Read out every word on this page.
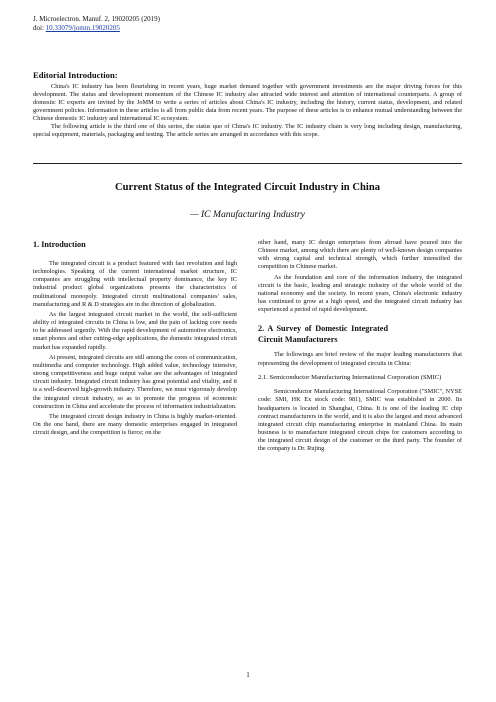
J. Microelectron. Manuf. 2, 19020205 (2019)
doi: 10.33079/jomm.19020205
Editorial Introduction:

China's IC industry has been flourishing in recent years, huge market demand together with government investments are the major driving forces for this development. The status and development momentum of the Chinese IC industry also attracted wide interest and attention of international counterparts. A group of domestic IC experts are invited by the JoMM to write a series of articles about China's IC industry, including the history, current status, development, and related government policies. Information in these articles is all from public data from recent years. The purpose of these articles is to enhance mutual understanding between the Chinese domestic IC industry and international IC ecosystem.

The following article is the third one of this series, the status quo of China's IC industry. The IC industry chain is very long including design, manufacturing, special equipment, materials, packaging and testing. The article series are arranged in accordance with this scope.

Current Status of the Integrated Circuit Industry in China
— IC Manufacturing Industry

1. Introduction

The integrated circuit is a product featured with fast revolution and high technologies. Speaking of the current international market structure, IC companies are struggling with intellectual property dominance, the key IC industrial product global organizations presents the characteristics of multinational monopoly. Integrated circuit multinational companies' sales, manufacturing and R & D strategies are in the direction of globalization.

As the largest integrated circuit market in the world, the self-sufficient ability of integrated circuits in China is low, and the pain of lacking core needs to be addressed urgently. With the rapid development of automotive electronics, smart phones and other cutting-edge applications, the domestic integrated circuit market has expanded rapidly.

At present, integrated circuits are still among the cores of communication, multimedia and computer technology. High added value, technology intensive, strong competitiveness and huge output value are the advantages of integrated circuit industry. Integrated circuit industry has great potential and vitality, and it is a well-deserved high-growth industry. Therefore, we must vigorously develop the integrated circuit industry, so as to promote the progress of economic construction in China and accelerate the process of information industrialization.

The integrated circuit design industry in China is highly market-oriented. On the one hand, there are many domestic enterprises engaged in integrated circuit design, and the competition is fierce; on the

other hand, many IC design enterprises from abroad have poured into the Chinese market, among which there are plenty of well-known design companies with strong capital and technical strength, which further intensified the competition in Chinese market.

As the foundation and core of the information industry, the integrated circuit is the basic, leading and strategic industry of the whole world of the national economy and the society. In recent years, China's electronic industry has continued to grow at a high speed, and the integrated circuit industry has experienced a period of rapid development.

2. A Survey of Domestic Integrated Circuit Manufacturers

The followings are brief review of the major leading manufacturers that representing the development of integrated circuits in China:

2.1. Semiconductor Manufacturing International Corporation (SMIC)

Semiconductor Manufacturing International Corporation ("SMIC", NYSE code: SMI, HK Ex stock code: 981), SMIC was established in 2000. Its headquarters is located in Shanghai, China. It is one of the leading IC chip contract manufacturers in the world, and it is also the largest and most advanced integrated circuit chip manufacturing enterprise in mainland China. Its main business is to manufacture integrated circuit chips for customers according to the integrated circuit design of the customer or the third party. The founder of the company is Dr. Rujing

1
